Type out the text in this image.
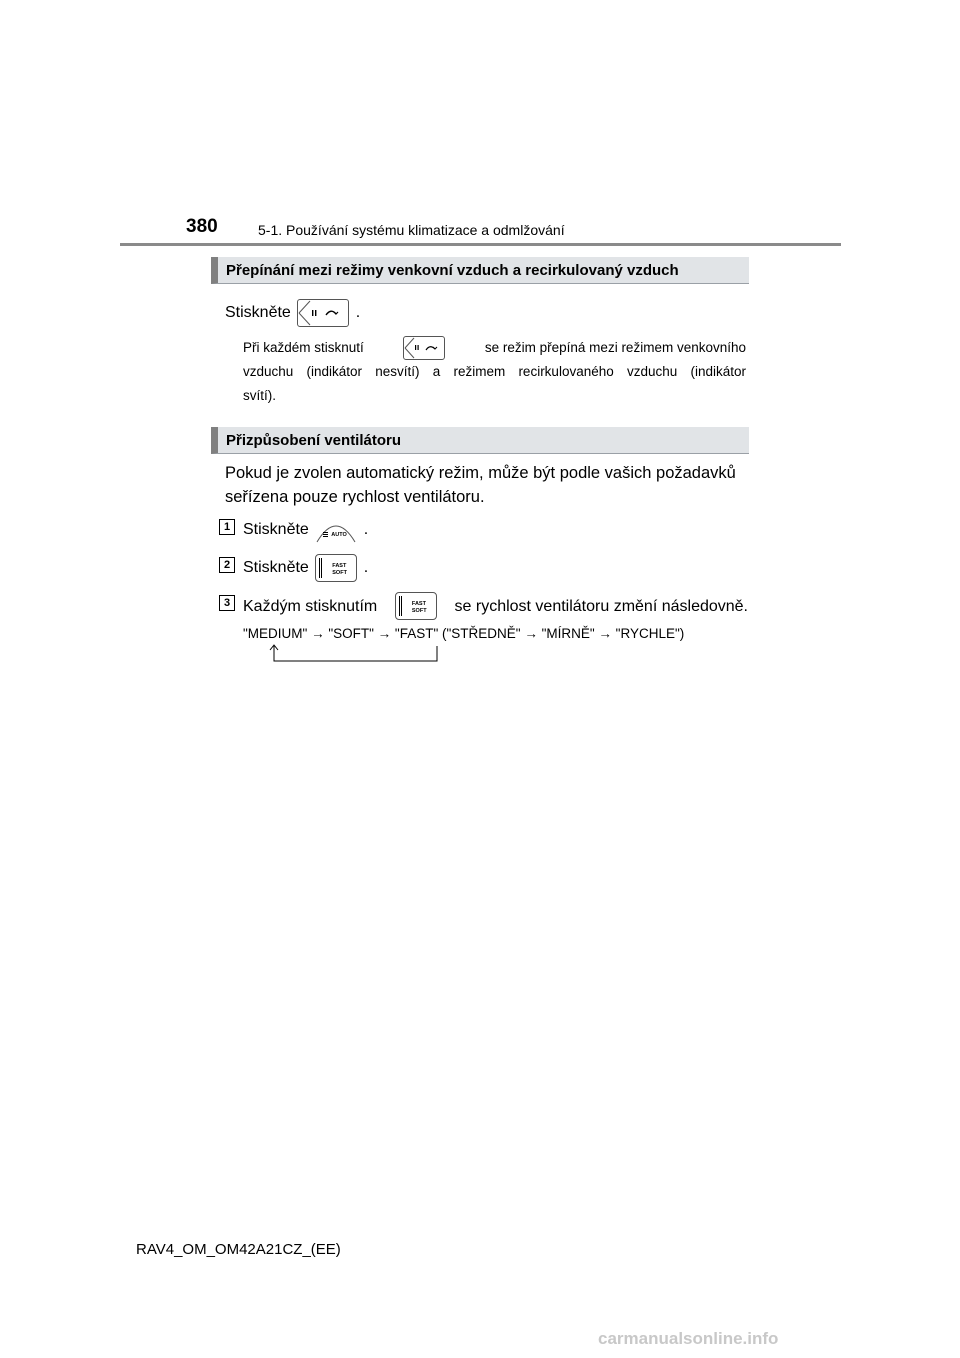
380	5-1. Používání systému klimatizace a odmlžování
Přepínání mezi režimy venkovní vzduch a recirkulovaný vzduch
Stiskněte	.
Při každém stisknutí	se režim přepíná mezi režimem venkovního
vzduchu (indikátor nesvítí) a režimem recirkulovaného vzduchu (indikátor
svítí).
Přizpůsobení ventilátoru
Pokud je zvolen automatický režim, může být podle vašich požadavků
seřízena pouze rychlost ventilátoru.
1 Stiskněte	AUTO .
2 Stiskněte	FAST
SOFT .
3 Každým stisknutím	FAST
SOFT se rychlost ventilátoru změní následovně.
"MEDIUM" → "SOFT" → "FAST" ("STŘEDNĚ" → "MÍRNĚ" → "RYCHLE")
RAV4_OM_OM42A21CZ_(EE)
carmanualsonline.info
